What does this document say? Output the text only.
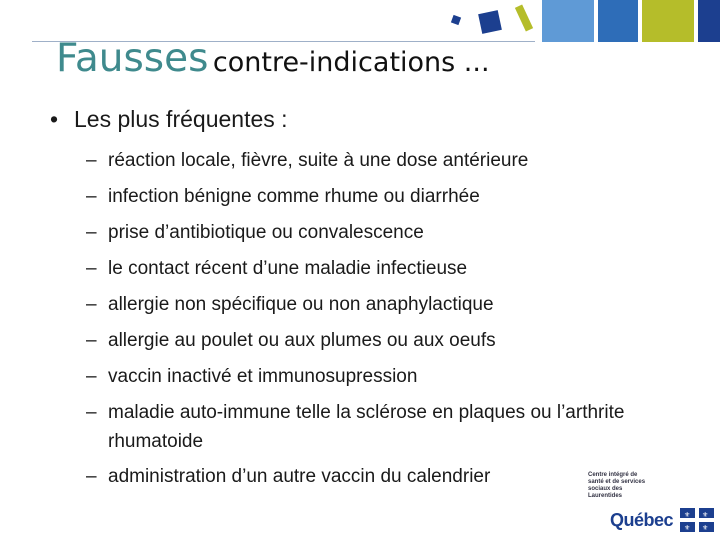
Fausses contre-indications ...
• Les plus fréquentes :
– réaction locale, fièvre, suite à une dose antérieure
– infection bénigne comme rhume ou diarrhée
– prise d’antibiotique ou convalescence
– le contact récent d’une maladie infectieuse
– allergie non spécifique ou non anaphylactique
– allergie au poulet ou aux plumes ou aux oeufs
– vaccin inactivé et immunosupression
– maladie auto-immune telle la sclérose en plaques ou l’arthrite
rhumatoide
– administration d’un autre vaccin du calendrier	Centre intégré de santé et de services sociaux des Laurentides
Québec ⚜ ⚜
⚜ ⚜
